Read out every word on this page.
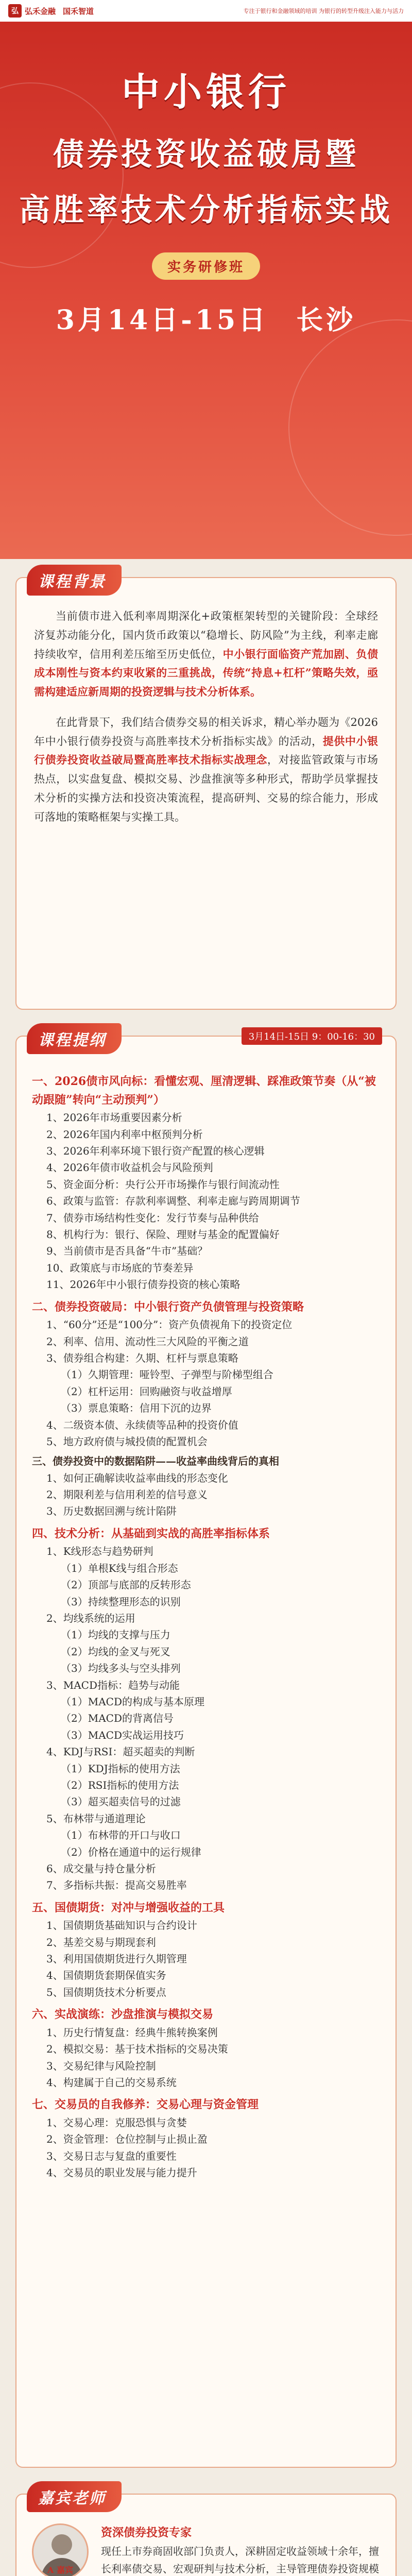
弘 弘禾金融 国禾智道	专注于银行和金融领域的培训 为银行的转型升级注入能力与活力
中小银行
债券投资收益破局暨
高胜率技术分析指标实战
实务研修班
3月14日-15日 长沙
课程背景

当前债市进入低利率周期深化+政策框架转型的关键阶段：全球经济复苏动能分化，国内货币政策以“稳增长、防风险”为主线，利率走廊持续收窄，信用利差压缩至历史低位，中小银行面临资产荒加剧、负债成本刚性与资本约束收紧的三重挑战，传统“持息+杠杆”策略失效，亟需构建适应新周期的投资逻辑与技术分析体系。

在此背景下，我们结合债券交易的相关诉求，精心举办题为《2026年中小银行债券投资与高胜率技术分析指标实战》的活动，提供中小银行债券投资收益破局暨高胜率技术指标实战理念，对接监管政策与市场热点，以实盘复盘、模拟交易、沙盘推演等多种形式，帮助学员掌握技术分析的实操方法和投资决策流程，提高研判、交易的综合能力，形成可落地的策略框架与实操工具。

课程提纲	3月14日-15日 9：00-16：30
一、2026债市风向标：看懂宏观、厘清逻辑、踩准政策节奏（从“被动跟随”转向“主动预判”）
1、2026年市场重要因素分析
2、2026年国内利率中枢预判分析
3、2026年利率环境下银行资产配置的核心逻辑
4、2026年债市收益机会与风险预判
5、资金面分析：央行公开市场操作与银行间流动性
6、政策与监管：存款利率调整、利率走廊与跨周期调节
7、债券市场结构性变化：发行节奏与品种供给
8、机构行为：银行、保险、理财与基金的配置偏好
9、当前债市是否具备“牛市”基础？
10、政策底与市场底的节奏差异
11、2026年中小银行债券投资的核心策略
二、债券投资破局：中小银行资产负债管理与投资策略
1、“60分”还是“100分”：资产负债视角下的投资定位
2、利率、信用、流动性三大风险的平衡之道
3、债券组合构建：久期、杠杆与票息策略
（1）久期管理：哑铃型、子弹型与阶梯型组合
（2）杠杆运用：回购融资与收益增厚
（3）票息策略：信用下沉的边界
4、二级资本债、永续债等品种的投资价值
5、地方政府债与城投债的配置机会
三、债券投资中的数据陷阱——收益率曲线背后的真相
1、如何正确解读收益率曲线的形态变化
2、期限利差与信用利差的信号意义
3、历史数据回溯与统计陷阱
四、技术分析：从基础到实战的高胜率指标体系
1、K线形态与趋势研判
（1）单根K线与组合形态
（2）顶部与底部的反转形态
（3）持续整理形态的识别
2、均线系统的运用
（1）均线的支撑与压力
（2）均线的金叉与死叉
（3）均线多头与空头排列
3、MACD指标：趋势与动能
（1）MACD的构成与基本原理
（2）MACD的背离信号
（3）MACD实战运用技巧
4、KDJ与RSI：超买超卖的判断
（1）KDJ指标的使用方法
（2）RSI指标的使用方法
（3）超买超卖信号的过滤
5、布林带与通道理论
（1）布林带的开口与收口
（2）价格在通道中的运行规律
6、成交量与持仓量分析
7、多指标共振：提高交易胜率
五、国债期货：对冲与增强收益的工具
1、国债期货基础知识与合约设计
2、基差交易与期现套利
3、利用国债期货进行久期管理
4、国债期货套期保值实务
5、国债期货技术分析要点
六、实战演练：沙盘推演与模拟交易
1、历史行情复盘：经典牛熊转换案例
2、模拟交易：基于技术指标的交易决策
3、交易纪律与风险控制
4、构建属于自己的交易系统
七、交易员的自我修养：交易心理与资金管理
1、交易心理：克服恐惧与贪婪
2、资金管理：仓位控制与止损止盈
3、交易日志与复盘的重要性
4、交易员的职业发展与能力提升
嘉宾老师
A 嘉宾
资深债券投资专家
现任上市券商固收部门负责人，深耕固定收益领域十余年，擅长利率债交易、宏观研判与技术分析，主导管理债券投资规模
